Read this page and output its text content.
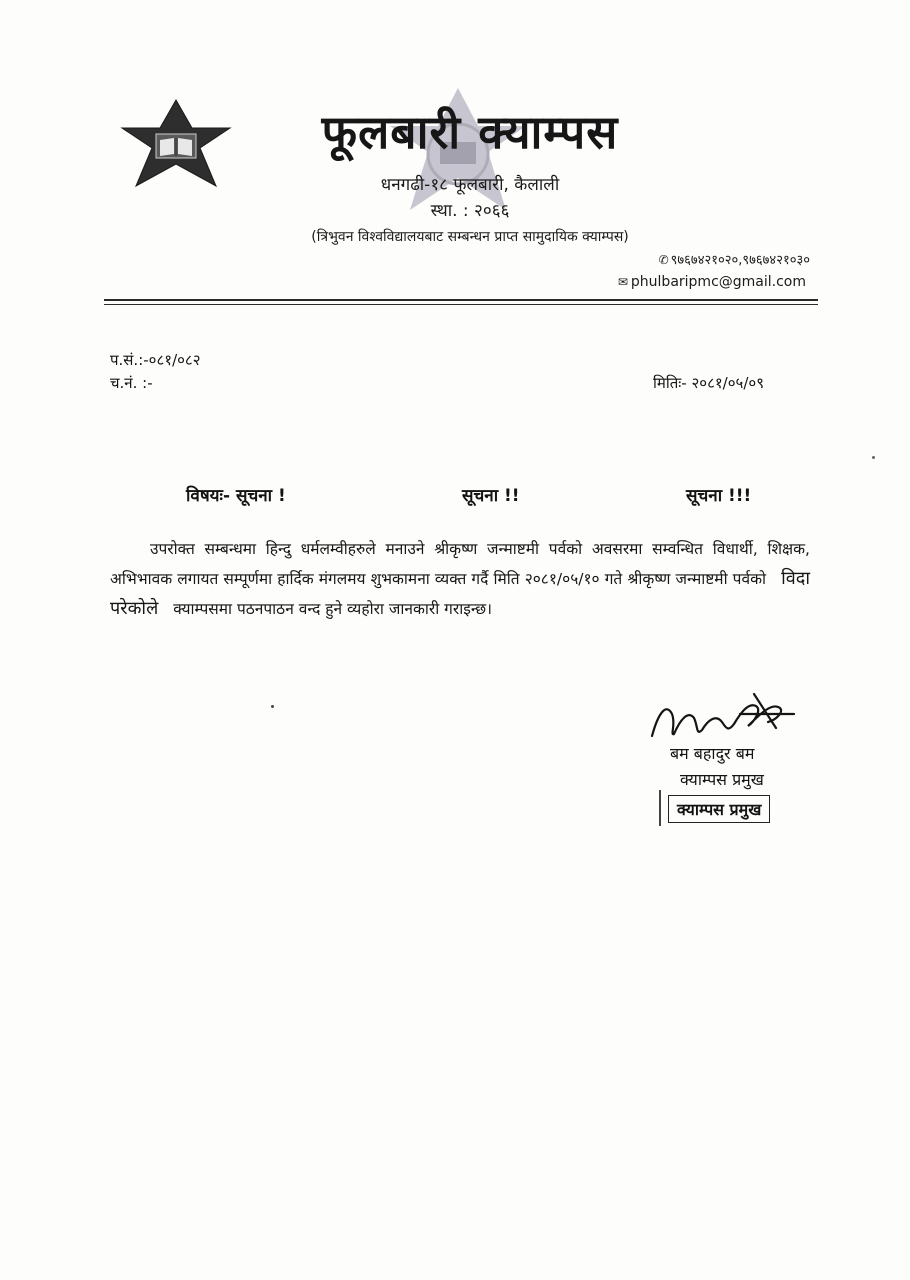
फूलबारी क्याम्पस
धनगढी-१८ फूलबारी, कैलाली
स्था. : २०६६
(त्रिभुवन विश्वविद्यालयबाट सम्बन्धन प्राप्त सामुदायिक क्याम्पस)
✆ ९७६७४२१०२०,९७६७४२१०३०
✉ phulbaripmc@gmail.com
प.सं.:-०८१/०८२
च.नं. :-	मितिः- २०८१/०५/०९
विषयः- सूचना !	सूचना !!	सूचना !!!
उपरोक्त सम्बन्धमा हिन्दु धर्मलम्वीहरुले मनाउने श्रीकृष्ण जन्माष्टमी पर्वको अवसरमा सम्वन्धित विधार्थी, शिक्षक, अभिभावक लगायत सम्पूर्णमा हार्दिक मंगलमय शुभकामना व्यक्त गर्दै मिति २०८१/०५/१० गते श्रीकृष्ण जन्माष्टमी पर्वको विदा परेकोले क्याम्पसमा पठनपाठन वन्द हुने व्यहोरा जानकारी गराइन्छ।
बम बहादुर बम
क्याम्पस प्रमुख
क्याम्पस प्रमुख
